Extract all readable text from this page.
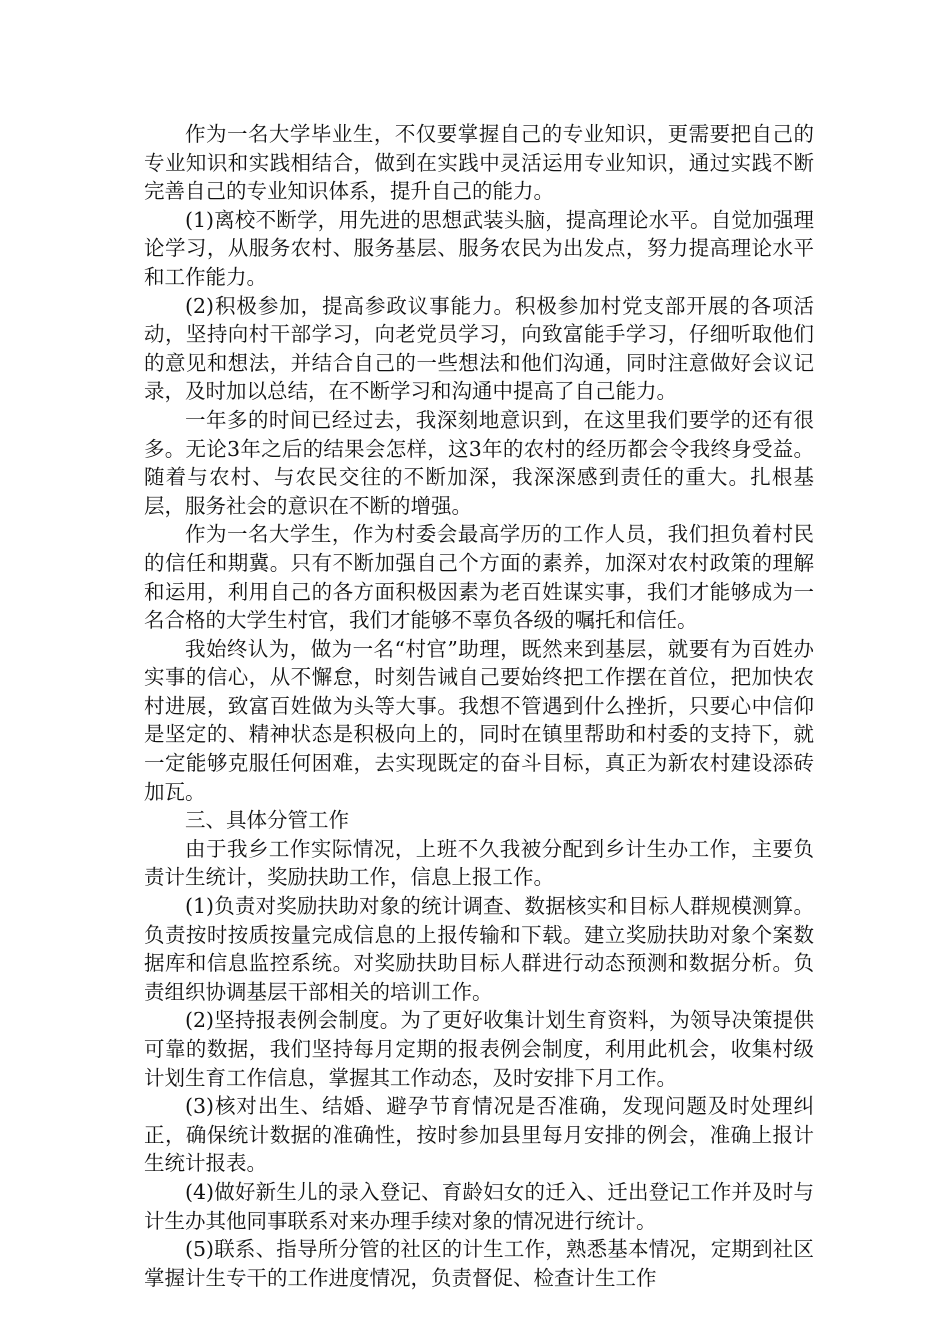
作为一名大学毕业生，不仅要掌握自己的专业知识，更需要把自己的专业知识和实践相结合，做到在实践中灵活运用专业知识，通过实践不断完善自己的专业知识体系，提升自己的能力。

(1)离校不断学，用先进的思想武装头脑，提高理论水平。自觉加强理论学习，从服务农村、服务基层、服务农民为出发点，努力提高理论水平和工作能力。

(2)积极参加，提高参政议事能力。积极参加村党支部开展的各项活动，坚持向村干部学习，向老党员学习，向致富能手学习，仔细听取他们的意见和想法，并结合自己的一些想法和他们沟通，同时注意做好会议记录，及时加以总结，在不断学习和沟通中提高了自己能力。

一年多的时间已经过去，我深刻地意识到，在这里我们要学的还有很多。无论3年之后的结果会怎样，这3年的农村的经历都会令我终身受益。随着与农村、与农民交往的不断加深，我深深感到责任的重大。扎根基层，服务社会的意识在不断的增强。

作为一名大学生，作为村委会最高学历的工作人员，我们担负着村民的信任和期冀。只有不断加强自己个方面的素养，加深对农村政策的理解和运用，利用自己的各方面积极因素为老百姓谋实事，我们才能够成为一名合格的大学生村官，我们才能够不辜负各级的嘱托和信任。

我始终认为，做为一名“村官”助理，既然来到基层，就要有为百姓办实事的信心，从不懈怠，时刻告诫自己要始终把工作摆在首位，把加快农村进展，致富百姓做为头等大事。我想不管遇到什么挫折，只要心中信仰是坚定的、精神状态是积极向上的，同时在镇里帮助和村委的支持下，就一定能够克服任何困难，去实现既定的奋斗目标，真正为新农村建设添砖加瓦。

三、具体分管工作

由于我乡工作实际情况，上班不久我被分配到乡计生办工作，主要负责计生统计，奖励扶助工作，信息上报工作。

(1)负责对奖励扶助对象的统计调查、数据核实和目标人群规模测算。负责按时按质按量完成信息的上报传输和下载。建立奖励扶助对象个案数据库和信息监控系统。对奖励扶助目标人群进行动态预测和数据分析。负责组织协调基层干部相关的培训工作。

(2)坚持报表例会制度。为了更好收集计划生育资料，为领导决策提供可靠的数据，我们坚持每月定期的报表例会制度，利用此机会，收集村级计划生育工作信息，掌握其工作动态，及时安排下月工作。

(3)核对出生、结婚、避孕节育情况是否准确，发现问题及时处理纠正，确保统计数据的准确性，按时参加县里每月安排的例会，准确上报计生统计报表。

(4)做好新生儿的录入登记、育龄妇女的迁入、迁出登记工作并及时与计生办其他同事联系对来办理手续对象的情况进行统计。

(5)联系、指导所分管的社区的计生工作，熟悉基本情况，定期到社区掌握计生专干的工作进度情况，负责督促、检查计生工作
